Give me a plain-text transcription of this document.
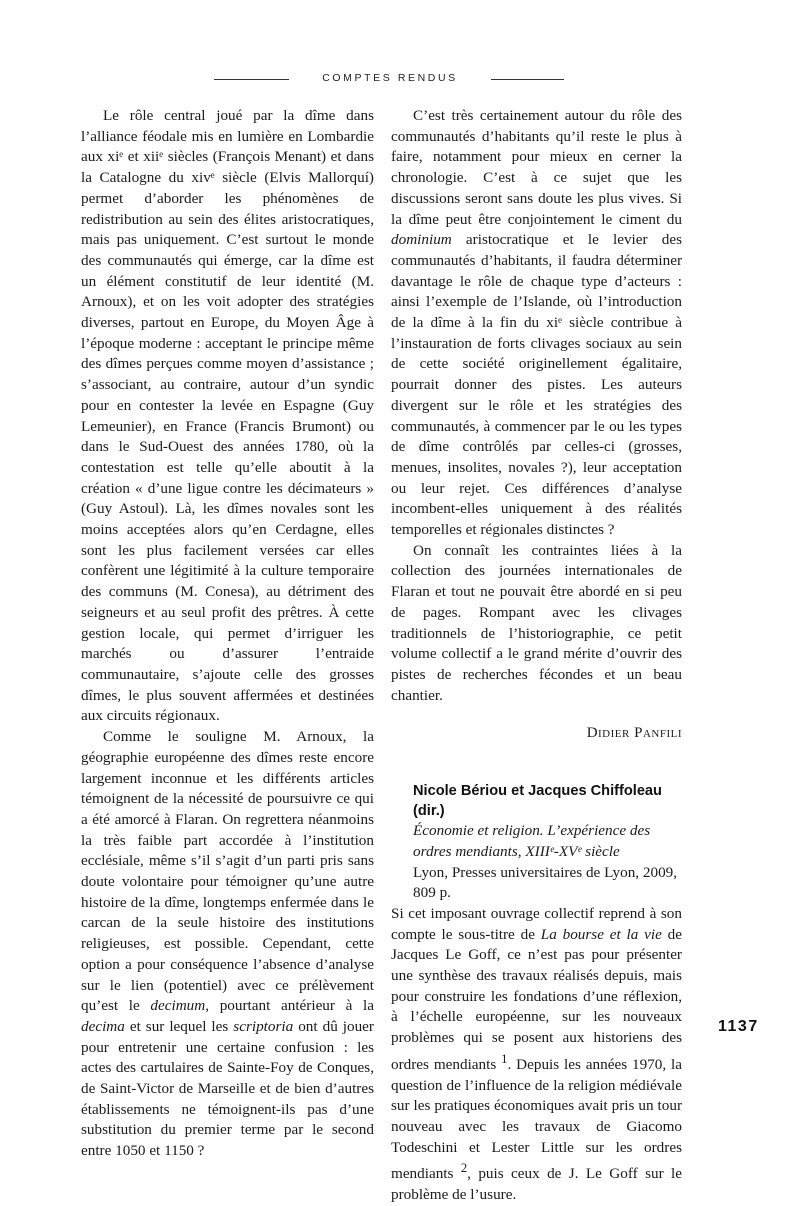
COMPTES RENDUS

Le rôle central joué par la dîme dans l’alliance féodale mis en lumière en Lombardie aux xiᵉ et xiiᵉ siècles (François Menant) et dans la Catalogne du xivᵉ siècle (Elvis Mallorquí) permet d’aborder les phénomènes de redistribution au sein des élites aristocratiques, mais pas uniquement. C’est surtout le monde des communautés qui émerge, car la dîme est un élément constitutif de leur identité (M. Arnoux), et on les voit adopter des stratégies diverses, partout en Europe, du Moyen Âge à l’époque moderne : acceptant le principe même des dîmes perçues comme moyen d’assistance ; s’associant, au contraire, autour d’un syndic pour en contester la levée en Espagne (Guy Lemeunier), en France (Francis Brumont) ou dans le Sud-Ouest des années 1780, où la contestation est telle qu’elle aboutit à la création « d’une ligue contre les décimateurs » (Guy Astoul). Là, les dîmes novales sont les moins acceptées alors qu’en Cerdagne, elles sont les plus facilement versées car elles confèrent une légitimité à la culture temporaire des communs (M. Conesa), au détriment des seigneurs et au seul profit des prêtres. À cette gestion locale, qui permet d’irriguer les marchés ou d’assurer l’entraide communautaire, s’ajoute celle des grosses dîmes, le plus souvent affermées et destinées aux circuits régionaux.

Comme le souligne M. Arnoux, la géographie européenne des dîmes reste encore largement inconnue et les différents articles témoignent de la nécessité de poursuivre ce qui a été amorcé à Flaran. On regrettera néanmoins la très faible part accordée à l’institution ecclésiale, même s’il s’agit d’un parti pris sans doute volontaire pour témoigner qu’une autre histoire de la dîme, longtemps enfermée dans le carcan de la seule histoire des institutions religieuses, est possible. Cependant, cette option a pour conséquence l’absence d’analyse sur le lien (potentiel) avec ce prélèvement qu’est le decimum, pourtant antérieur à la decima et sur lequel les scriptoria ont dû jouer pour entretenir une certaine confusion : les actes des cartulaires de Sainte-Foy de Conques, de Saint-Victor de Marseille et de bien d’autres établissements ne témoignent-ils pas d’une substitution du premier terme par le second entre 1050 et 1150 ?

C’est très certainement autour du rôle des communautés d’habitants qu’il reste le plus à faire, notamment pour mieux en cerner la chronologie. C’est à ce sujet que les discussions seront sans doute les plus vives. Si la dîme peut être conjointement le ciment du dominium aristocratique et le levier des communautés d’habitants, il faudra déterminer davantage le rôle de chaque type d’acteurs : ainsi l’exemple de l’Islande, où l’introduction de la dîme à la fin du xiᵉ siècle contribue à l’instauration de forts clivages sociaux au sein de cette société originellement égalitaire, pourrait donner des pistes. Les auteurs divergent sur le rôle et les stratégies des communautés, à commencer par le ou les types de dîme contrôlés par celles-ci (grosses, menues, insolites, novales ?), leur acceptation ou leur rejet. Ces différences d’analyse incombent-elles uniquement à des réalités temporelles et régionales distinctes ?

On connaît les contraintes liées à la collection des journées internationales de Flaran et tout ne pouvait être abordé en si peu de pages. Rompant avec les clivages traditionnels de l’historiographie, ce petit volume collectif a le grand mérite d’ouvrir des pistes de recherches fécondes et un beau chantier.

Didier Panfili
Nicole Bériou et Jacques Chiffoleau (dir.)
Économie et religion. L’expérience des ordres mendiants, XIIIᵉ-XVᵉ siècle
Lyon, Presses universitaires de Lyon, 2009, 809 p.

Si cet imposant ouvrage collectif reprend à son compte le sous-titre de La bourse et la vie de Jacques Le Goff, ce n’est pas pour présenter une synthèse des travaux réalisés depuis, mais pour construire les fondations d’une réflexion, à l’échelle européenne, sur les nouveaux problèmes qui se posent aux historiens des ordres mendiants $^1$. Depuis les années 1970, la question de l’influence de la religion médiévale sur les pratiques économiques avait pris un tour nouveau avec les travaux de Giacomo Todeschini et Lester Little sur les ordres mendiants $^2$, puis ceux de J. Le Goff sur le problème de l’usure.

1137
